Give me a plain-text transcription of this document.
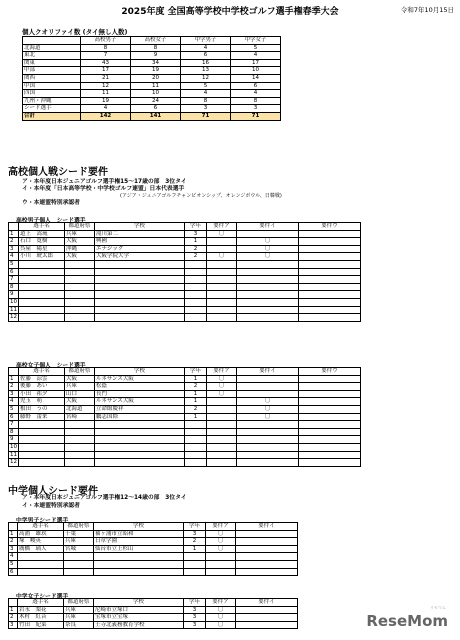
2025年度 全国高等学校中学校ゴルフ選手権春季大会	令和7年10月15日
個人クオリファイ数 (タイ無し人数)
	高校男子	高校女子	中学男子	中学女子
北海道	8	8	4	5
東北	7	9	6	4
関東	43	34	16	17
中部	17	19	13	10
関西	21	20	12	14
中国	12	11	5	6
四国	11	10	4	4
九州・沖縄	19	24	8	8
シード選手	4	6	3	3
合計	142	141	71	71
高校個人戦シード要件
ア・本年度日本ジュニアゴルフ選手権15〜17歳の部　3位タイ
イ・本年度「日本高等学校・中学校ゴルフ連盟」日本代表選手
(アジア・ジュニアゴルフチャンピオンシップ、オレンジボウル、日韓戦)
ウ・本連盟特別承認者
高校男子個人　シード選手
	選手名	都道府県	学校	学年	要件ア	要件イ	要件ウ
1	道上　嵩琉	兵庫	滝川第二	3	〇		
2	石口　寛樹	大阪	興國	1		〇	
3	呉屋　陽星	沖縄	エナジック	2		〇	
4	小川　琥太郎	大阪	大阪学院大学	2	〇	〇	
5							
6							
7							
8							
9							
10							
11							
12							
高校女子個人　シード選手
	選手名	都道府県	学校	学年	要件ア	要件イ	要件ウ
1	佐藤　涼雲	大阪	ルネサンス大阪	1	〇		
2	後藤　あい	兵庫	松蔭	2	〇		
3	小田　祐夕	山口	長門	1	〇		
4	児玉　萌	大阪	ルネサンス大阪	1		〇	
5	根田　うの	北海道	立命館慶祥	2		〇	
6	藤野　蕾来	宮崎	鵬志国際	1		〇	
7							
8							
9							
10							
11							
12							
中学個人シード要件
ア・本年度日本ジュニアゴルフ選手権12〜14歳の部　3位タイ
イ・本連盟特別承認者
中学男子シード選手
	選手名	都道府県	学校	学年	要件ア	要件イ
1	高浦　雄玖	千葉	袖ヶ浦市立昭和	3	〇	
2	塚　峻英	兵庫	日章学園	2	〇	
3	廣橋　璃人	宮城	仙台市立上杉山	1	〇	
4						
5						
6						
中学女子シード選手
	選手名	都道府県	学校	学年	要件ア	要件イ
1	岩永　梨花	兵庫	尼崎市立塚口	3	〇	
2	木村　紅音	兵庫	宝塚市立宝塚	3	〇	
3	竹田　妃菜	奈良	王寺北義務教育学校	3	〇	
リセマム
ReseMom
